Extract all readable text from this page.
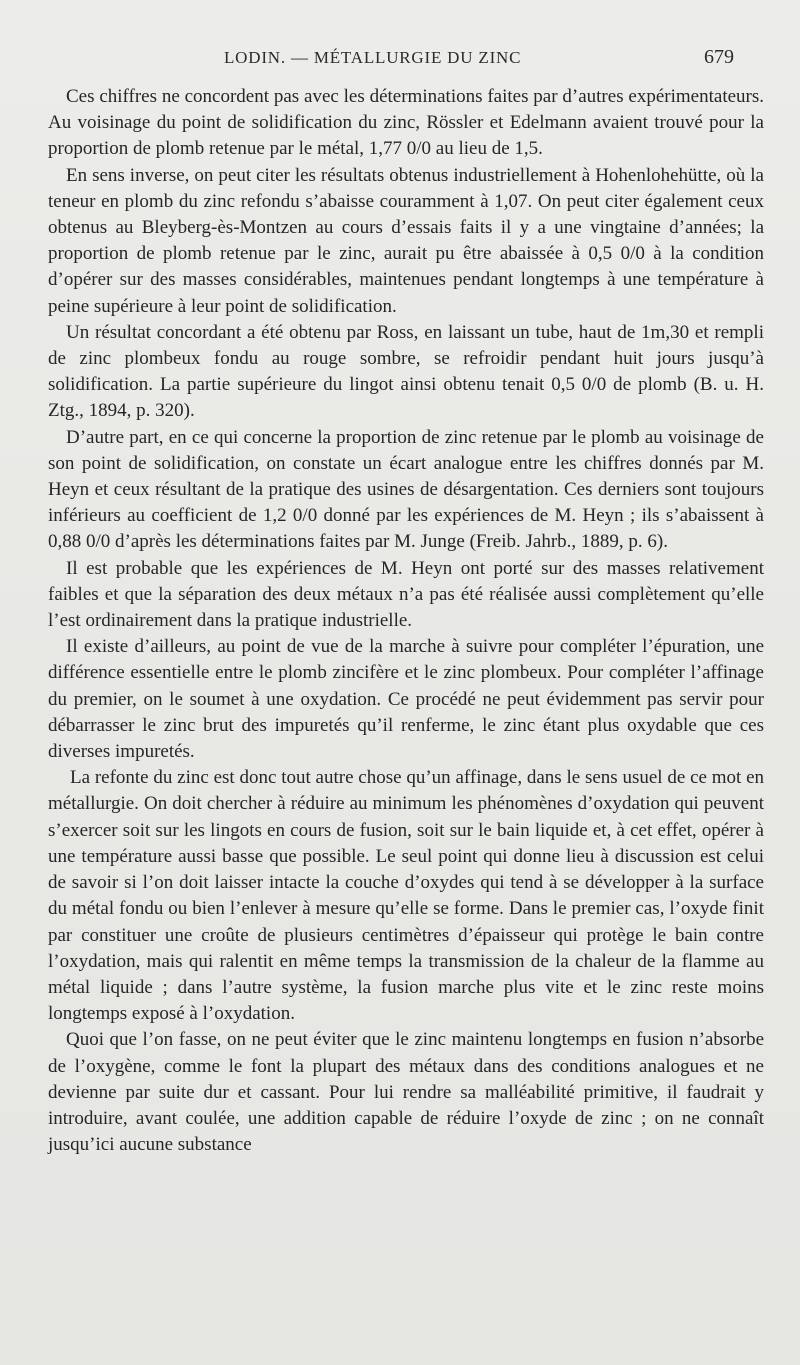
LODIN. — MÉTALLURGIE DU ZINC	679

Ces chiffres ne concordent pas avec les déterminations faites par d’autres expérimentateurs. Au voisinage du point de solidification du zinc, Rössler et Edelmann avaient trouvé pour la proportion de plomb retenue par le métal, 1,77 0/0 au lieu de 1,5.

En sens inverse, on peut citer les résultats obtenus industriellement à Hohenlohehütte, où la teneur en plomb du zinc refondu s’abaisse couramment à 1,07. On peut citer également ceux obtenus au Bleyberg-ès-Montzen au cours d’essais faits il y a une vingtaine d’années; la proportion de plomb retenue par le zinc, aurait pu être abaissée à 0,5 0/0 à la condition d’opérer sur des masses considérables, maintenues pendant longtemps à une température à peine supérieure à leur point de solidification.

Un résultat concordant a été obtenu par Ross, en laissant un tube, haut de 1m,30 et rempli de zinc plombeux fondu au rouge sombre, se refroidir pendant huit jours jusqu’à solidification. La partie supérieure du lingot ainsi obtenu tenait 0,5 0/0 de plomb (B. u. H. Ztg., 1894, p. 320).

D’autre part, en ce qui concerne la proportion de zinc retenue par le plomb au voisinage de son point de solidification, on constate un écart analogue entre les chiffres donnés par M. Heyn et ceux résultant de la pratique des usines de désargentation. Ces derniers sont toujours inférieurs au coefficient de 1,2 0/0 donné par les expériences de M. Heyn ; ils s’abaissent à 0,88 0/0 d’après les déterminations faites par M. Junge (Freib. Jahrb., 1889, p. 6).

Il est probable que les expériences de M. Heyn ont porté sur des masses relativement faibles et que la séparation des deux métaux n’a pas été réalisée aussi complètement qu’elle l’est ordinairement dans la pratique industrielle.

Il existe d’ailleurs, au point de vue de la marche à suivre pour compléter l’épuration, une différence essentielle entre le plomb zincifère et le zinc plombeux. Pour compléter l’affinage du premier, on le soumet à une oxydation. Ce procédé ne peut évidemment pas servir pour débarrasser le zinc brut des impuretés qu’il renferme, le zinc étant plus oxydable que ces diverses impuretés.

La refonte du zinc est donc tout autre chose qu’un affinage, dans le sens usuel de ce mot en métallurgie. On doit chercher à réduire au minimum les phénomènes d’oxydation qui peuvent s’exercer soit sur les lingots en cours de fusion, soit sur le bain liquide et, à cet effet, opérer à une température aussi basse que possible. Le seul point qui donne lieu à discussion est celui de savoir si l’on doit laisser intacte la couche d’oxydes qui tend à se développer à la surface du métal fondu ou bien l’enlever à mesure qu’elle se forme. Dans le premier cas, l’oxyde finit par constituer une croûte de plusieurs centimètres d’épaisseur qui protège le bain contre l’oxydation, mais qui ralentit en même temps la transmission de la chaleur de la flamme au métal liquide ; dans l’autre système, la fusion marche plus vite et le zinc reste moins longtemps exposé à l’oxydation.

Quoi que l’on fasse, on ne peut éviter que le zinc maintenu longtemps en fusion n’absorbe de l’oxygène, comme le font la plupart des métaux dans des conditions analogues et ne devienne par suite dur et cassant. Pour lui rendre sa malléabilité primitive, il faudrait y introduire, avant coulée, une addition capable de réduire l’oxyde de zinc ; on ne connaît jusqu’ici aucune substance
